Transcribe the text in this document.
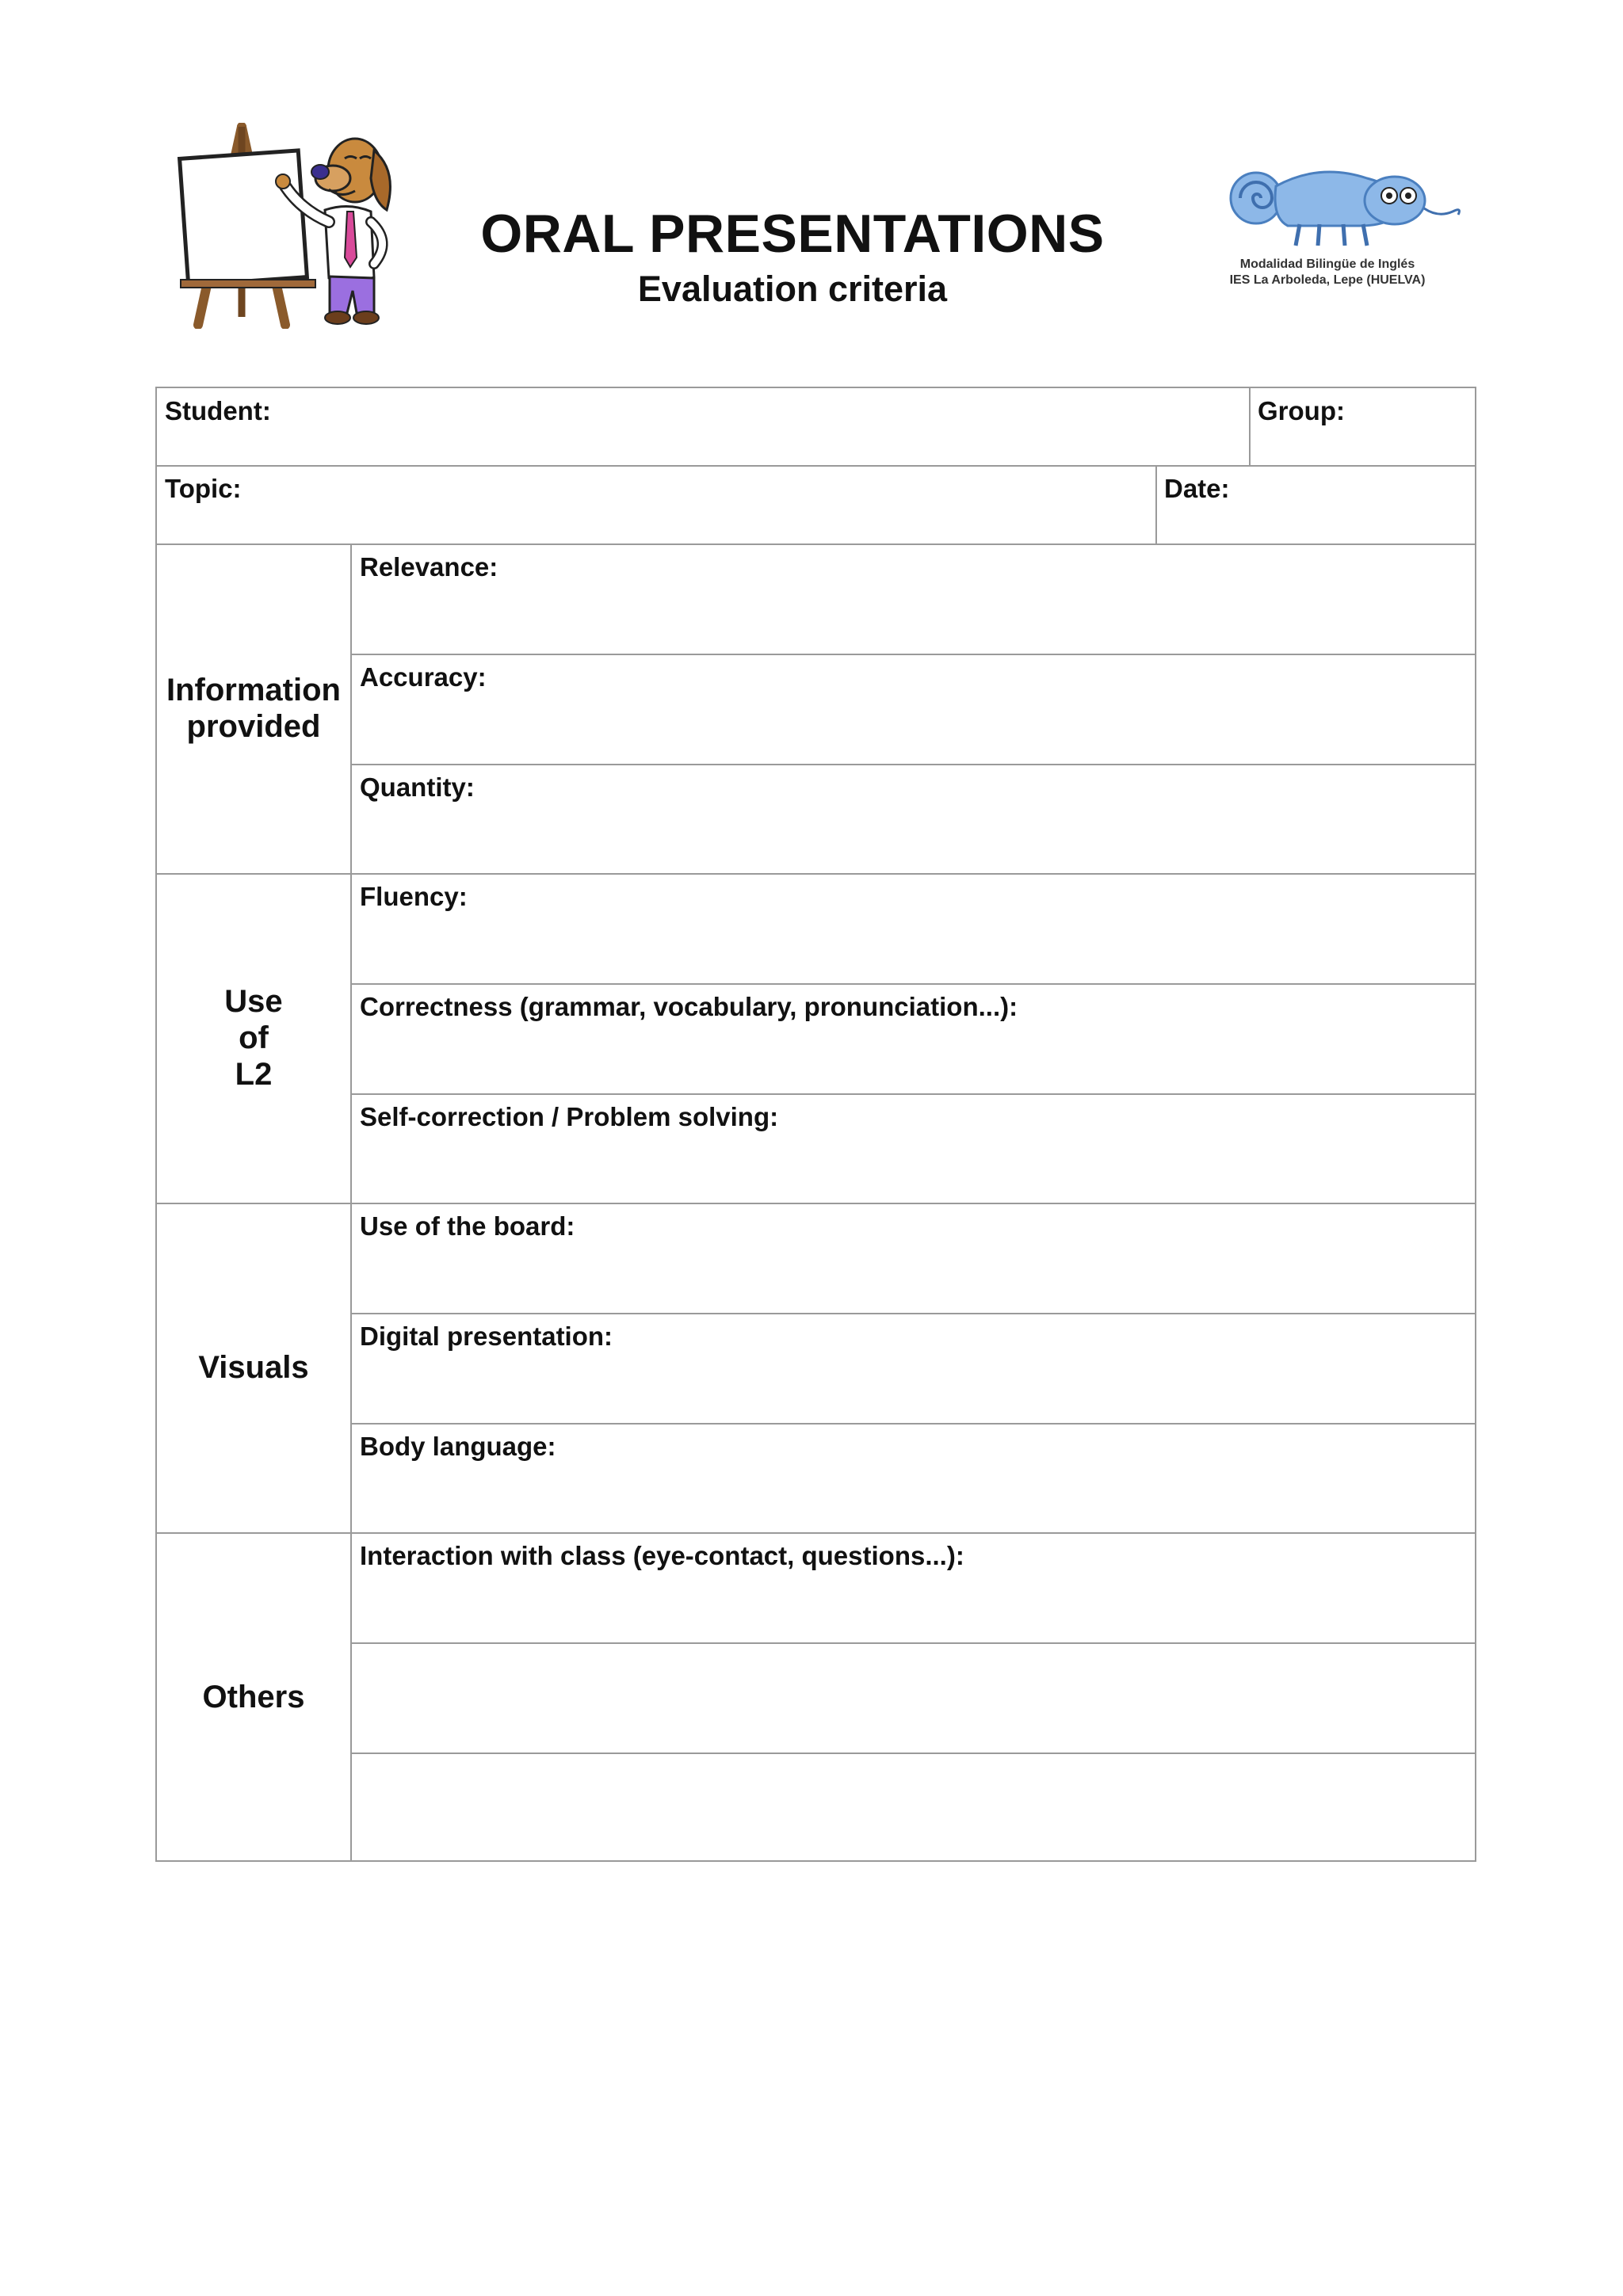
ORAL PRESENTATIONS
Evaluation criteria
Modalidad Bilingüe de Inglés
IES La Arboleda, Lepe (HUELVA)
Student:	Group:
Topic:	Date:
Information
provided
Relevance:
Accuracy:
Quantity:
Use
of
L2
Fluency:
Correctness (grammar, vocabulary, pronunciation...):
Self-correction / Problem solving:
Visuals
Use of the board:
Digital presentation:
Body language:
Others
Interaction with class (eye-contact, questions...):
